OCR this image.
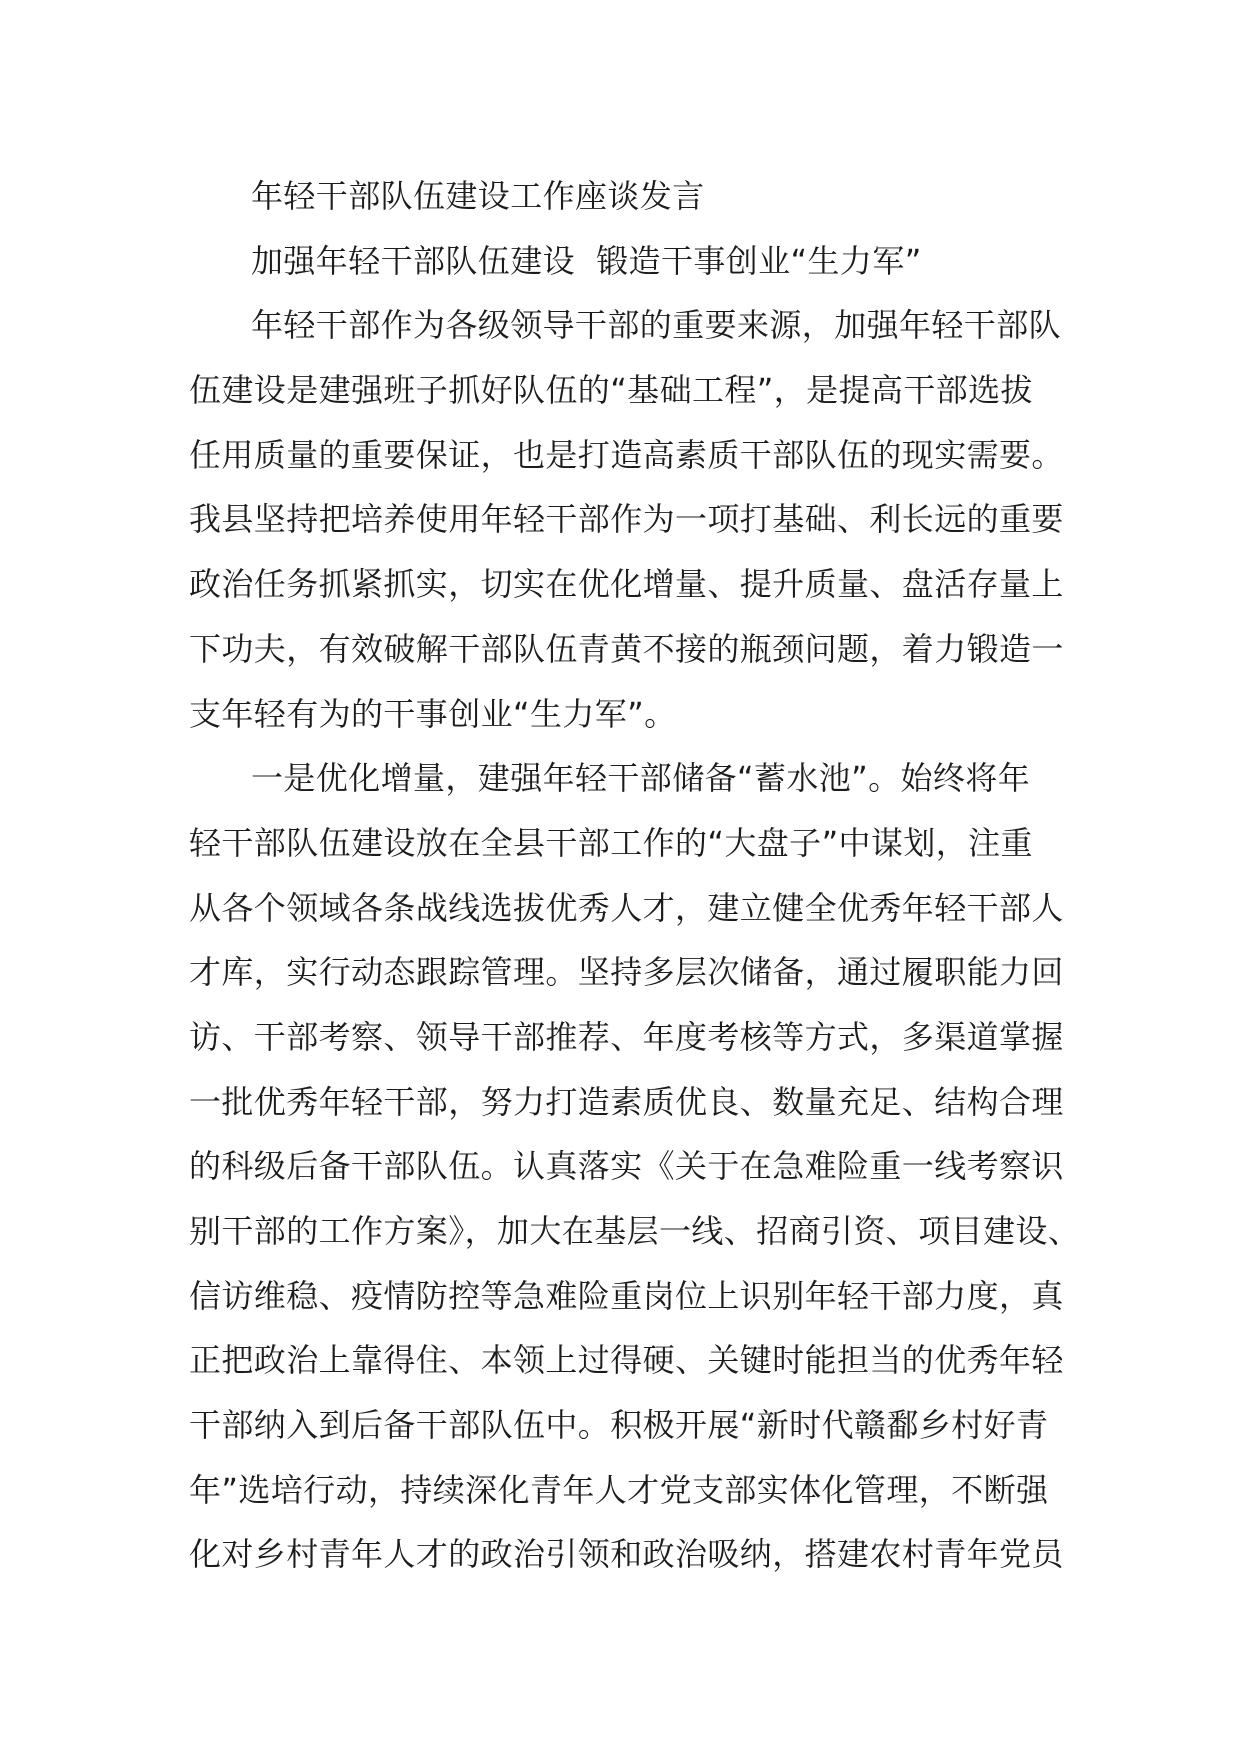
年轻干部队伍建设工作座谈发言
加强年轻干部队伍建设  锻造干事创业“生力军”
年轻干部作为各级领导干部的重要来源，加强年轻干部队
伍建设是建强班子抓好队伍的“基础工程”，是提高干部选拔
任用质量的重要保证，也是打造高素质干部队伍的现实需要。
我县坚持把培养使用年轻干部作为一项打基础、利长远的重要
政治任务抓紧抓实，切实在优化增量、提升质量、盘活存量上
下功夫，有效破解干部队伍青黄不接的瓶颈问题，着力锻造一
支年轻有为的干事创业“生力军”。
一是优化增量，建强年轻干部储备“蓄水池”。始终将年
轻干部队伍建设放在全县干部工作的“大盘子”中谋划，注重
从各个领域各条战线选拔优秀人才，建立健全优秀年轻干部人
才库，实行动态跟踪管理。坚持多层次储备，通过履职能力回
访、干部考察、领导干部推荐、年度考核等方式，多渠道掌握
一批优秀年轻干部，努力打造素质优良、数量充足、结构合理
的科级后备干部队伍。认真落实《关于在急难险重一线考察识
别干部的工作方案》，加大在基层一线、招商引资、项目建设、
信访维稳、疫情防控等急难险重岗位上识别年轻干部力度，真
正把政治上靠得住、本领上过得硬、关键时能担当的优秀年轻
干部纳入到后备干部队伍中。积极开展“新时代赣鄱乡村好青
年”选培行动，持续深化青年人才党支部实体化管理，不断强
化对乡村青年人才的政治引领和政治吸纳，搭建农村青年党员
